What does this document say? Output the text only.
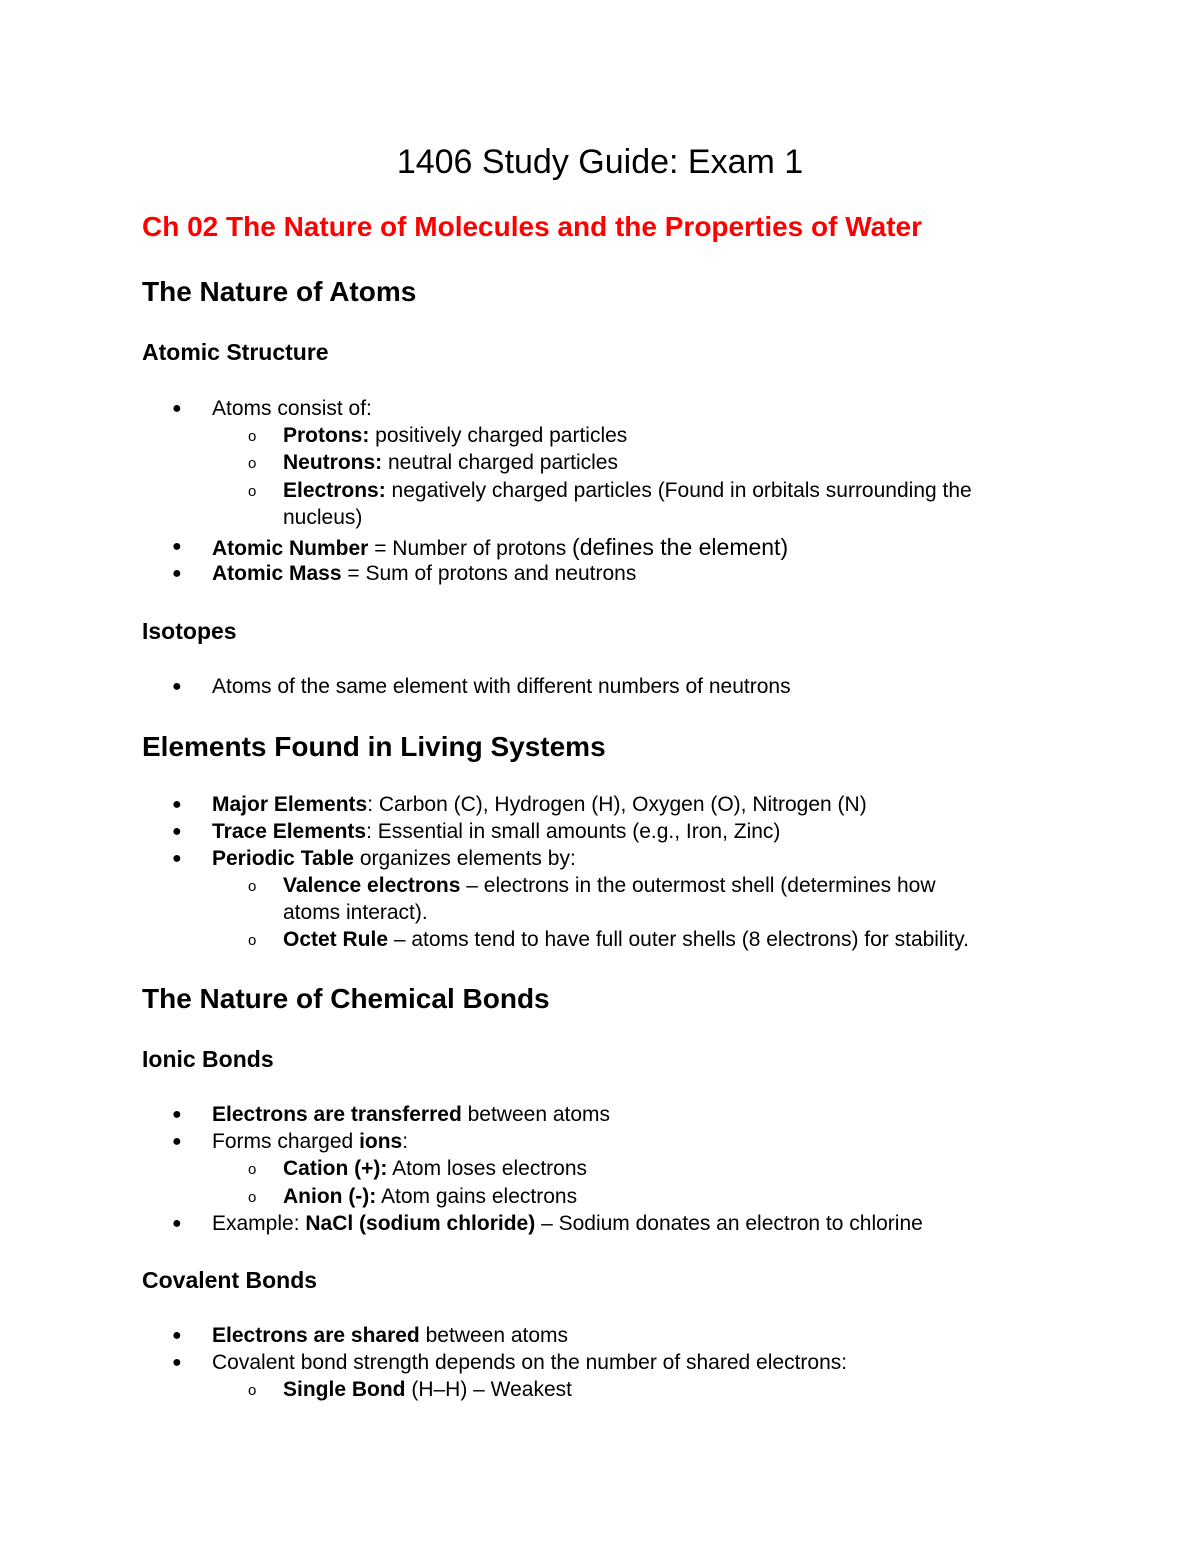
1406 Study Guide: Exam 1
Ch 02 The Nature of Molecules and the Properties of Water
The Nature of Atoms
Atomic Structure
● Atoms consist of:

o Protons: positively charged particles

o Neutrons: neutral charged particles

o Electrons: negatively charged particles (Found in orbitals surrounding the

nucleus)

● Atomic Number = Number of protons (defines the element)

● Atomic Mass = Sum of protons and neutrons

Isotopes
● Atoms of the same element with different numbers of neutrons

Elements Found in Living Systems
● Major Elements: Carbon (C), Hydrogen (H), Oxygen (O), Nitrogen (N)

● Trace Elements: Essential in small amounts (e.g., Iron, Zinc)

● Periodic Table organizes elements by:

o Valence electrons – electrons in the outermost shell (determines how

atoms interact).

o Octet Rule – atoms tend to have full outer shells (8 electrons) for stability.

The Nature of Chemical Bonds
Ionic Bonds
● Electrons are transferred between atoms

● Forms charged ions:

o Cation (+): Atom loses electrons

o Anion (-): Atom gains electrons

● Example: NaCl (sodium chloride) – Sodium donates an electron to chlorine

Covalent Bonds
● Electrons are shared between atoms

● Covalent bond strength depends on the number of shared electrons:

o Single Bond (H–H) – Weakest
